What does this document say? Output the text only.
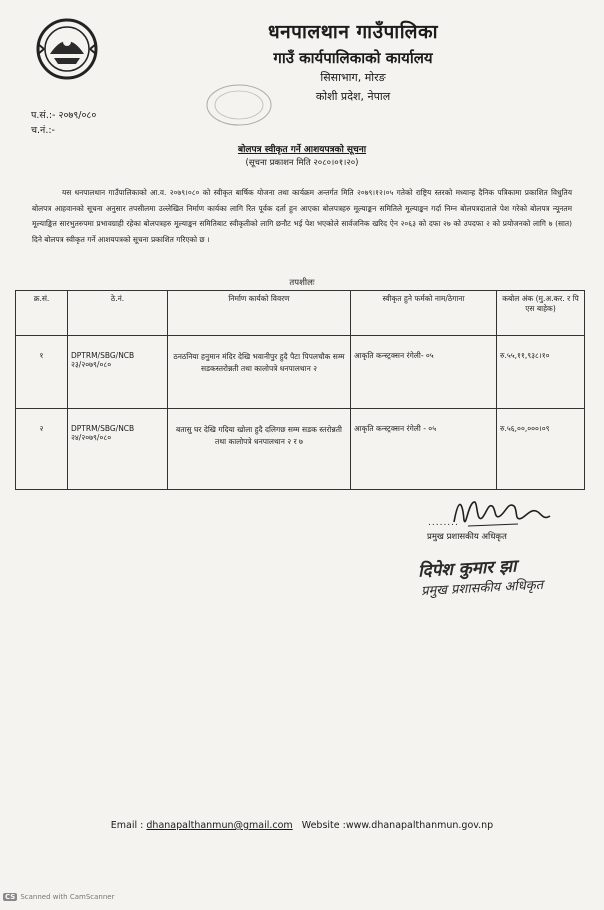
धनपालथान गाउँपालिका
गाउँ कार्यपालिकाको कार्यालय
सिसाभाग, मोरङ
कोशी प्रदेश, नेपाल
प.सं.:- २०७९/०८०
च.नं.:-
बोलपत्र स्वीकृत गर्ने आशयपत्रको सूचना
(सूचना प्रकाशन मिति २०८०।०१।२०)
यस धनपालथान गाउँपालिकाको आ.व. २०७९।०८० को स्वीकृत बार्षिक योजना तथा कार्यक्रम अन्तर्गत मिति २०७९।१२।०५ गतेको राष्ट्रिय स्तरको मध्यान्ह दैनिक पत्रिकामा प्रकाशित विधुतिय बोलपत्र आहवानको सूचना अनुसार तपसीलमा उल्लेखित निर्माण कार्यका लागि रित पूर्वक दर्ता हुन आएका बोलपत्रहरु मूल्याङ्कन समितिले मूल्याङ्कन गर्दा निम्न बोलपत्रदाताले पेश गरेको बोलपत्र न्यूनतम मूल्याङ्कित सारभुतरुपमा प्रभावग्राही रहेका बोलपत्रहरु मूल्याङ्कन समितिबाट स्वीकृतीको लागि छनौट भई पेश भएकोले सार्वजनिक खरिद ऐन २०६३ को दफा २७ को उपदफा २ को प्रयोजनको लागि ७ (सात) दिने बोलपत्र स्वीकृत गर्ने आशयपत्रको सूचना प्रकाशित गरिएको छ ।
तपशीलः
क्र.सं.	ठे.नं.	निर्माण कार्यको विवरण	स्वीकृत हुने फर्मको नाम/ठेगाना	कबोल अंक (मु.अ.कर. र पि एस बाहेक)

१	DPTRM/SBG/NCB २३/२०७९/०८०	ठनठनिया हनुमान मंदिर देखि भवानीपुर हुदै पैटा पिपलचौक सम्म सडकस्तरोन्नती तथा कालोपत्रे धनपालथान २	आकृति कन्स्ट्रक्सन रंगेली- ०५	रु.५५,११,९३८।१०

२	DPTRM/SBG/NCB २४/२०७९/०८०	बतासु घर देखि गदिया खोला हुदै दलिगछ सम्म सडक स्तरोन्नती तथा कालोपत्रे धनपालथान २ र ७	आकृति कन्स्ट्रक्सन रंगेली - ०५	रु.५६,००,०००।०९
........
प्रमुख प्रशासकीय अधिकृत
दिपेश कुमार झा
प्रमुख प्रशासकीय अधिकृत
Email : dhanapalthanmun@gmail.com Website :www.dhanapalthanmun.gov.np
CS Scanned with CamScanner
